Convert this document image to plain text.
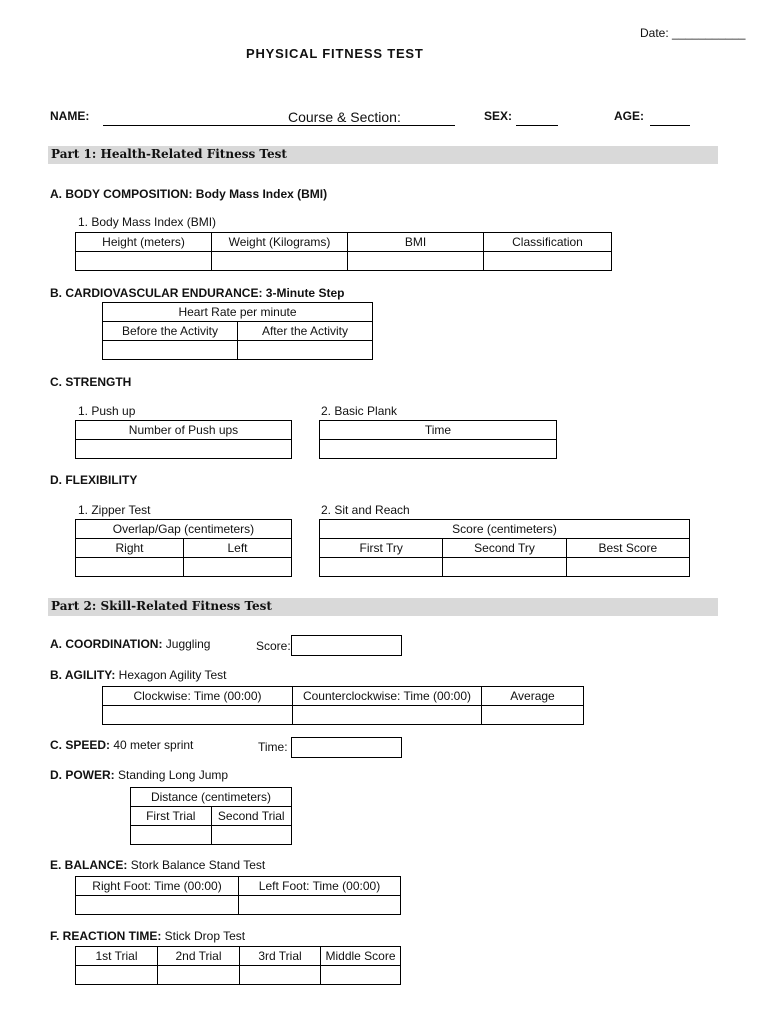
Date: ___________
PHYSICAL FITNESS TEST
NAME:	Course & Section:	SEX:	AGE:
Part 1: Health-Related Fitness Test
A. BODY COMPOSITION: Body Mass Index (BMI)
1. Body Mass Index (BMI)
Height (meters)	Weight (Kilograms)	BMI	Classification

B. CARDIOVASCULAR ENDURANCE: 3-Minute Step
Heart Rate per minute	
Before the Activity	After the Activity

C. STRENGTH
1. Push up
Number of Push ups

2. Basic Plank
Time

D. FLEXIBILITY
1. Zipper Test
Overlap/Gap (centimeters)	
Right	Left

2. Sit and Reach
Score (centimeters)		
First Try	Second Try	Best Score

Part 2: Skill-Related Fitness Test
A. COORDINATION: Juggling	Score:
B. AGILITY: Hexagon Agility Test
Clockwise: Time (00:00)	Counterclockwise: Time (00:00)	Average

C. SPEED: 40 meter sprint	Time:
D. POWER: Standing Long Jump
Distance (centimeters)	
First Trial	Second Trial

E. BALANCE: Stork Balance Stand Test
Right Foot: Time (00:00)	Left Foot: Time (00:00)

F. REACTION TIME: Stick Drop Test
1st Trial	2nd Trial	3rd Trial	Middle Score
